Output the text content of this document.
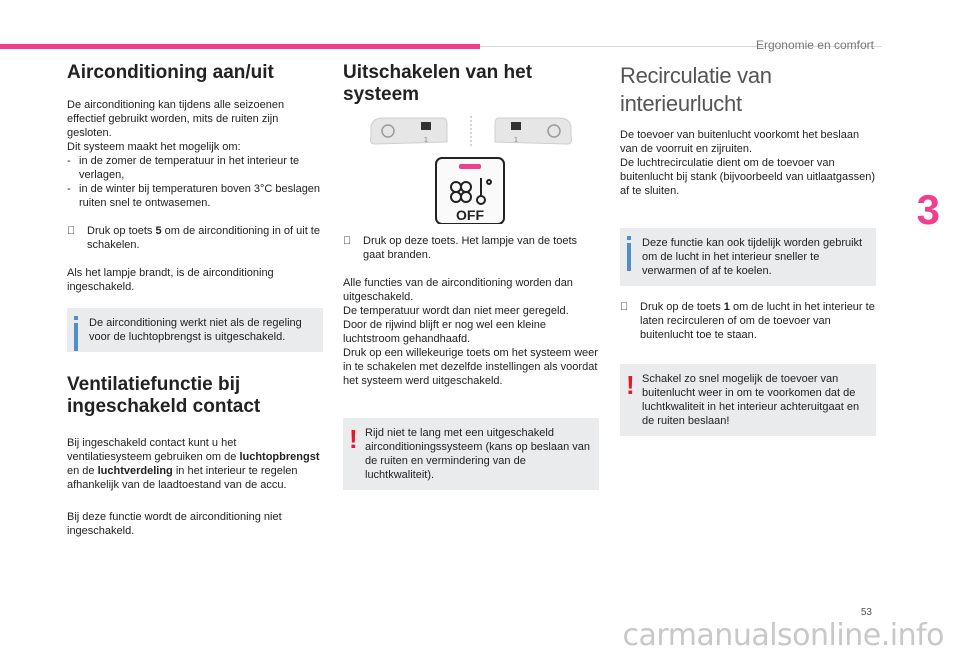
Ergonomie en comfort
3
53
carmanualsonline.info
Airconditioning aan/uit

De airconditioning kan tijdens alle seizoenen effectief gebruikt worden, mits de ruiten zijn gesloten.

Dit systeem maakt het mogelijk om:

- in de zomer de temperatuur in het interieur te verlagen,
- in de winter bij temperaturen boven 3°C beslagen ruiten snel te ontwasemen.
Druk op toets 5 om de airconditioning in of uit te schakelen.

Als het lampje brandt, is de airconditioning ingeschakeld.

De airconditioning werkt niet als de regeling voor de luchtopbrengst is uitgeschakeld.
Ventilatiefunctie bij ingeschakeld contact

Bij ingeschakeld contact kunt u het ventilatiesysteem gebruiken om de luchtopbrengst en de luchtverdeling in het interieur te regelen afhankelijk van de laadtoestand van de accu.

Bij deze functie wordt de airconditioning niet ingeschakeld.

Uitschakelen van het systeem
1	1
OFF
Druk op deze toets. Het lampje van de toets gaat branden.

Alle functies van de airconditioning worden dan uitgeschakeld.

De temperatuur wordt dan niet meer geregeld.

Door de rijwind blijft er nog wel een kleine luchtstroom gehandhaafd.

Druk op een willekeurige toets om het systeem weer in te schakelen met dezelfde instellingen als voordat het systeem werd uitgeschakeld.

! Rijd niet te lang met een uitgeschakeld airconditioningssysteem (kans op beslaan van de ruiten en vermindering van de luchtkwaliteit).
Recirculatie van interieurlucht

De toevoer van buitenlucht voorkomt het beslaan van de voorruit en zijruiten.

De luchtrecirculatie dient om de toevoer van buitenlucht bij stank (bijvoorbeeld van uitlaatgassen) af te sluiten.

Deze functie kan ook tijdelijk worden gebruikt om de lucht in het interieur sneller te verwarmen of af te koelen.
Druk op de toets 1 om de lucht in het interieur te laten recirculeren of om de toevoer van buitenlucht toe te staan.
! Schakel zo snel mogelijk de toevoer van buitenlucht weer in om te voorkomen dat de luchtkwaliteit in het interieur achteruitgaat en de ruiten beslaan!
